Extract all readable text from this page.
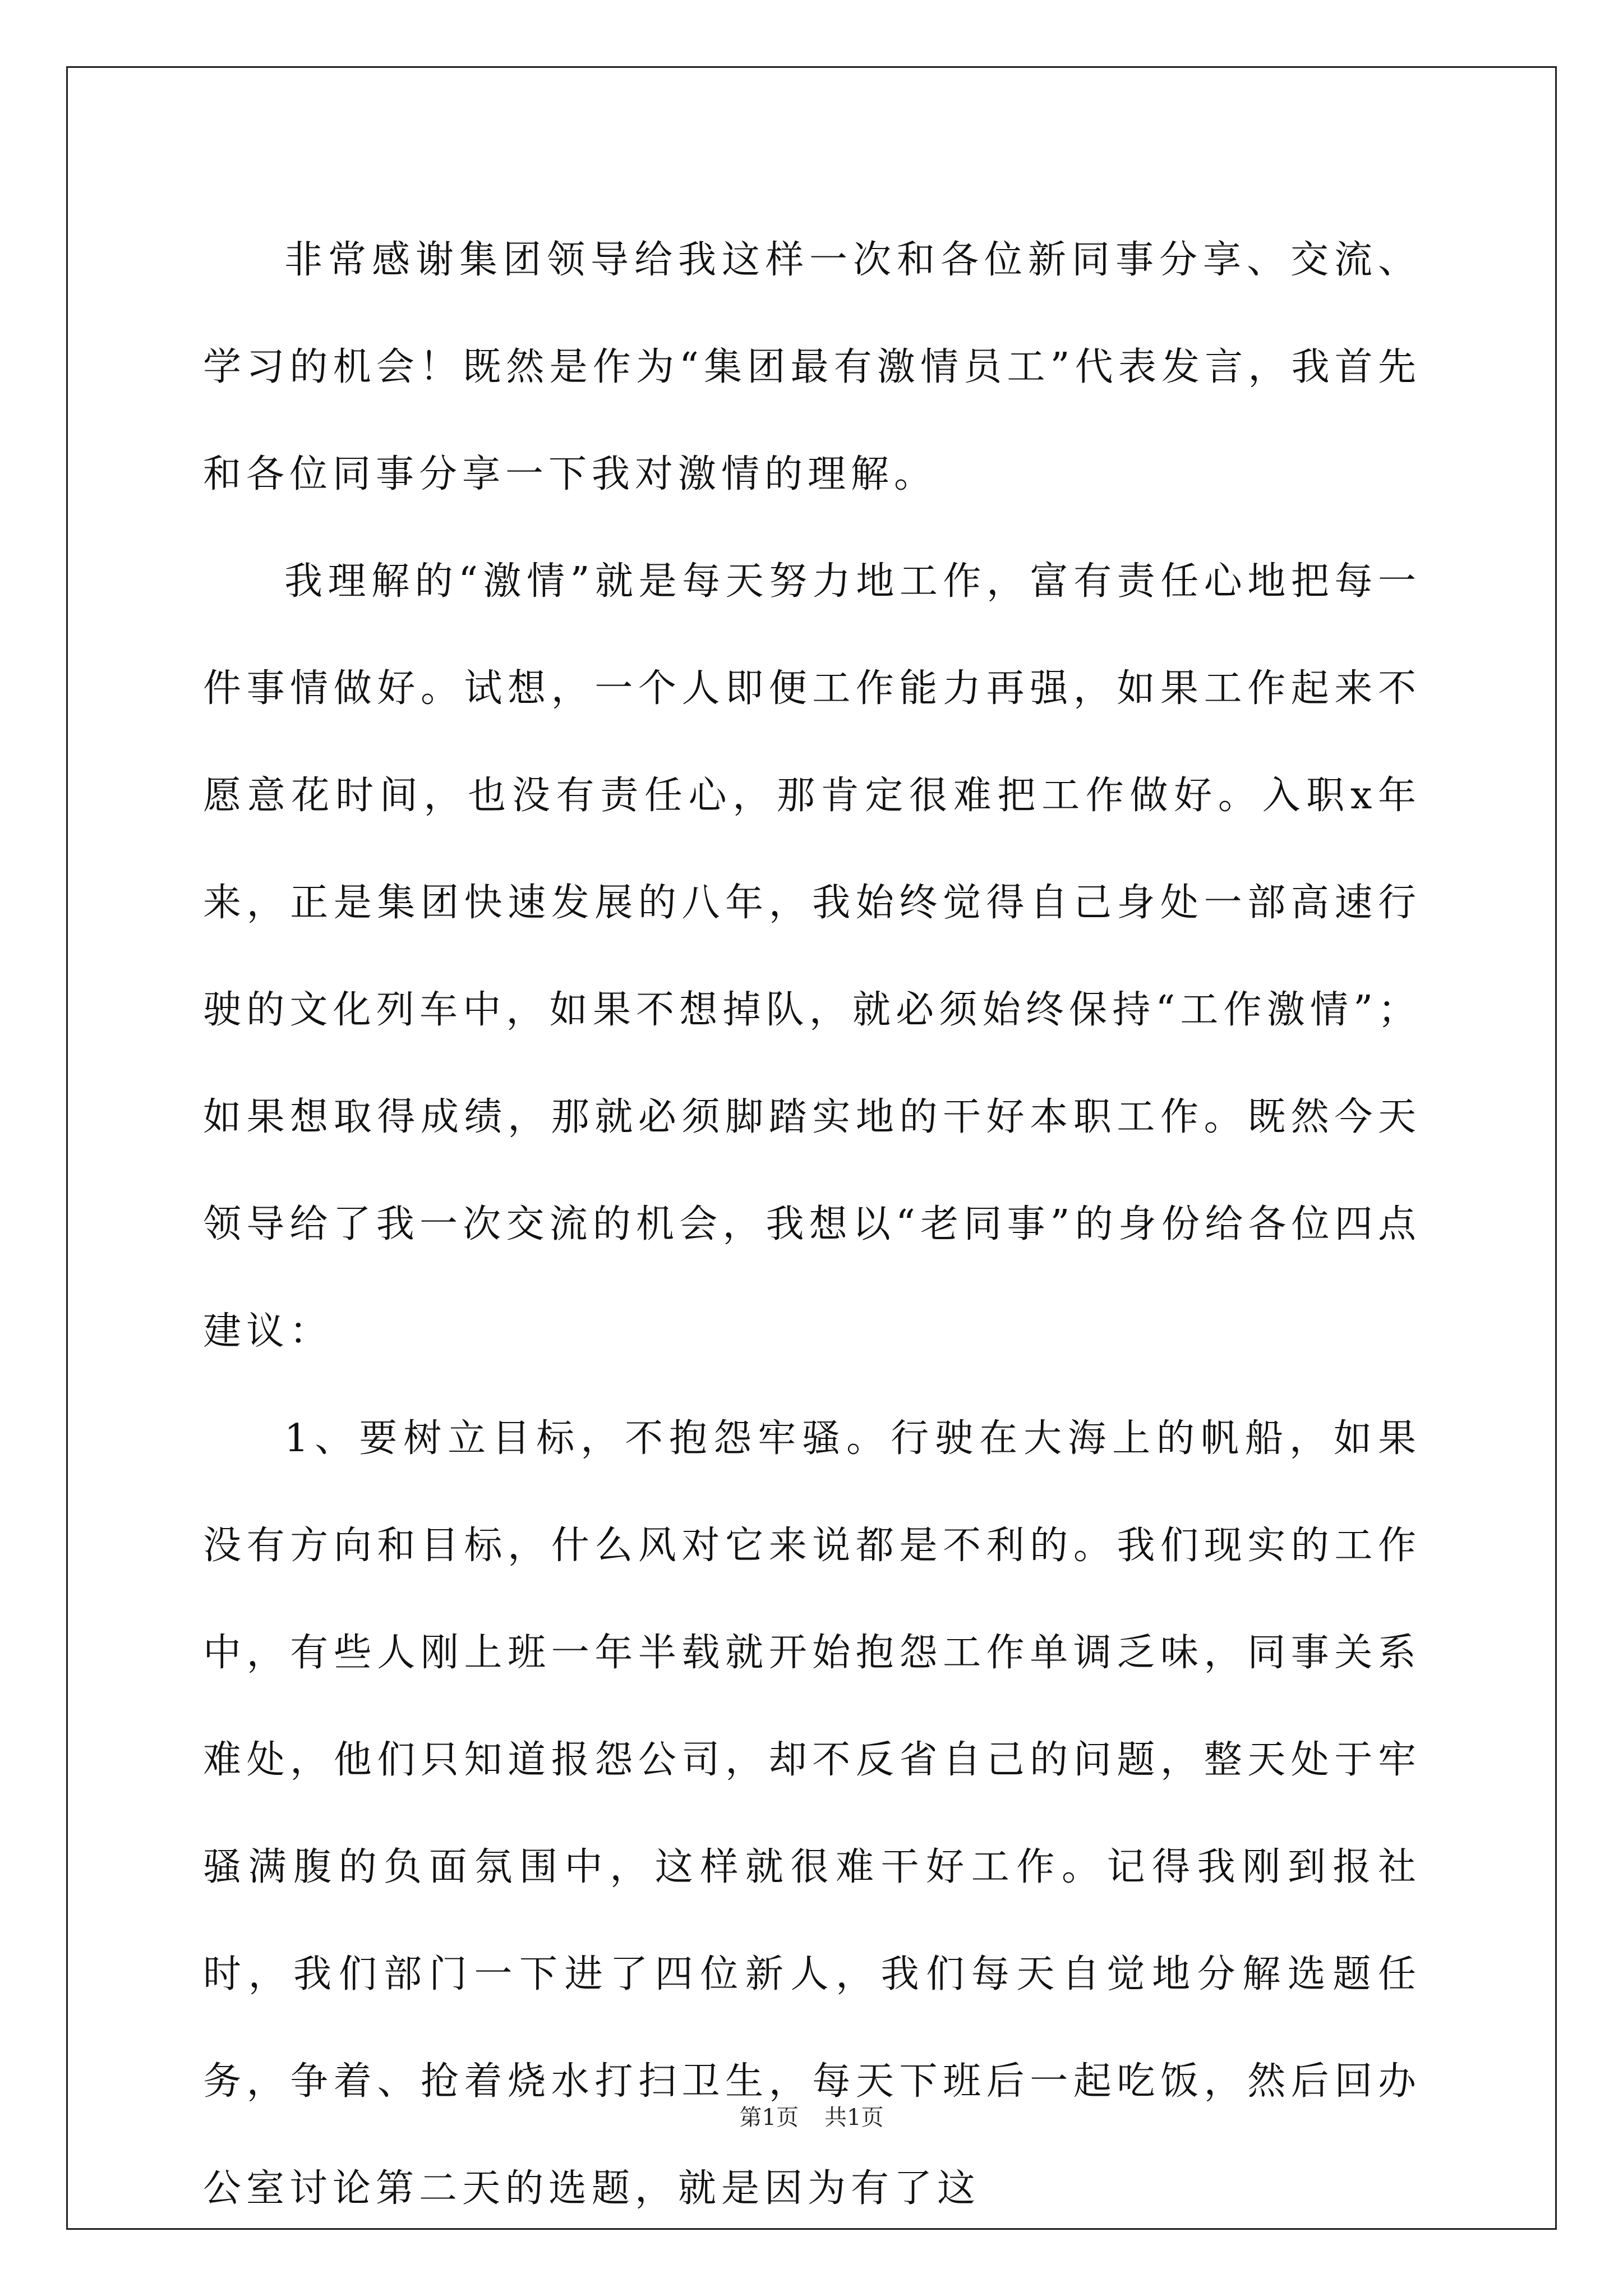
非常感谢集团领导给我这样一次和各位新同事分享、交流、学习的机会！既然是作为“集团最有激情员工”代表发言，我首先和各位同事分享一下我对激情的理解。

我理解的“激情”就是每天努力地工作，富有责任心地把每一件事情做好。试想，一个人即便工作能力再强，如果工作起来不愿意花时间，也没有责任心，那肯定很难把工作做好。入职x年来，正是集团快速发展的八年，我始终觉得自己身处一部高速行驶的文化列车中，如果不想掉队，就必须始终保持“工作激情”；如果想取得成绩，那就必须脚踏实地的干好本职工作。既然今天领导给了我一次交流的机会，我想以“老同事”的身份给各位四点建议：

1、要树立目标，不抱怨牢骚。行驶在大海上的帆船，如果没有方向和目标，什么风对它来说都是不利的。我们现实的工作中，有些人刚上班一年半载就开始抱怨工作单调乏味，同事关系难处，他们只知道报怨公司，却不反省自己的问题，整天处于牢骚满腹的负面氛围中，这样就很难干好工作。记得我刚到报社时，我们部门一下进了四位新人，我们每天自觉地分解选题任务，争着、抢着烧水打扫卫生，每天下班后一起吃饭，然后回办公室讨论第二天的选题，就是因为有了这

第1页 共1页
